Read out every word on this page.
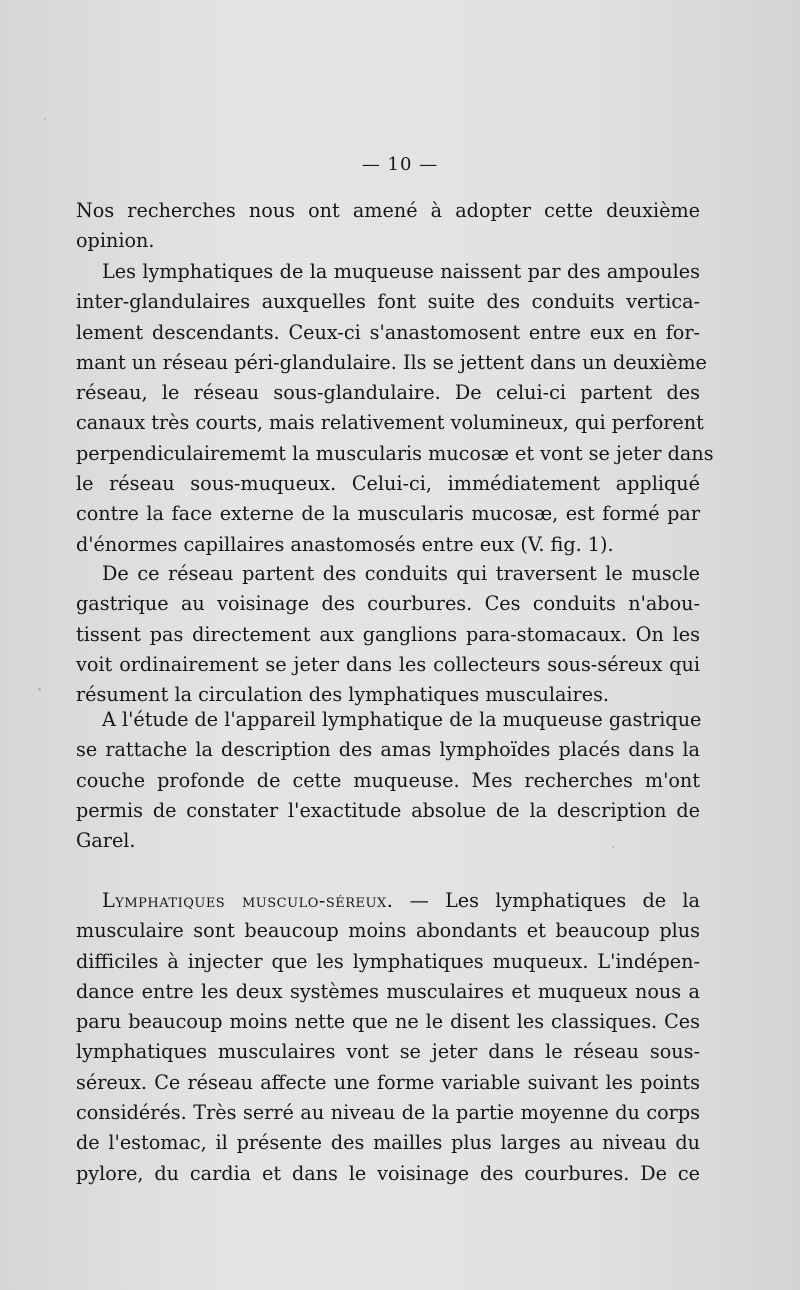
— 10 —
Nos recherches nous ont amené à adopter cette deuxième
opinion.
Les lymphatiques de la muqueuse naissent par des ampoules
inter-glandulaires auxquelles font suite des conduits vertica-
lement descendants. Ceux-ci s'anastomosent entre eux en for-
mant un réseau péri-glandulaire. Ils se jettent dans un deuxième
réseau, le réseau sous-glandulaire. De celui-ci partent des
canaux très courts, mais relativement volumineux, qui perforent
perpendiculairememt la muscularis mucosæ et vont se jeter dans
le réseau sous-muqueux. Celui-ci, immédiatement appliqué
contre la face externe de la muscularis mucosæ, est formé par
d'énormes capillaires anastomosés entre eux (V. fig. 1).
De ce réseau partent des conduits qui traversent le muscle
gastrique au voisinage des courbures. Ces conduits n'abou-
tissent pas directement aux ganglions para-stomacaux. On les
voit ordinairement se jeter dans les collecteurs sous-séreux qui
résument la circulation des lymphatiques musculaires.
A l'étude de l'appareil lymphatique de la muqueuse gastrique
se rattache la description des amas lymphoïdes placés dans la
couche profonde de cette muqueuse. Mes recherches m'ont
permis de constater l'exactitude absolue de la description de
Garel.
Lymphatiques musculo-séreux. — Les lymphatiques de la
musculaire sont beaucoup moins abondants et beaucoup plus
difficiles à injecter que les lymphatiques muqueux. L'indépen-
dance entre les deux systèmes musculaires et muqueux nous a
paru beaucoup moins nette que ne le disent les classiques. Ces
lymphatiques musculaires vont se jeter dans le réseau sous-
séreux. Ce réseau affecte une forme variable suivant les points
considérés. Très serré au niveau de la partie moyenne du corps
de l'estomac, il présente des mailles plus larges au niveau du
pylore, du cardia et dans le voisinage des courbures. De ce
